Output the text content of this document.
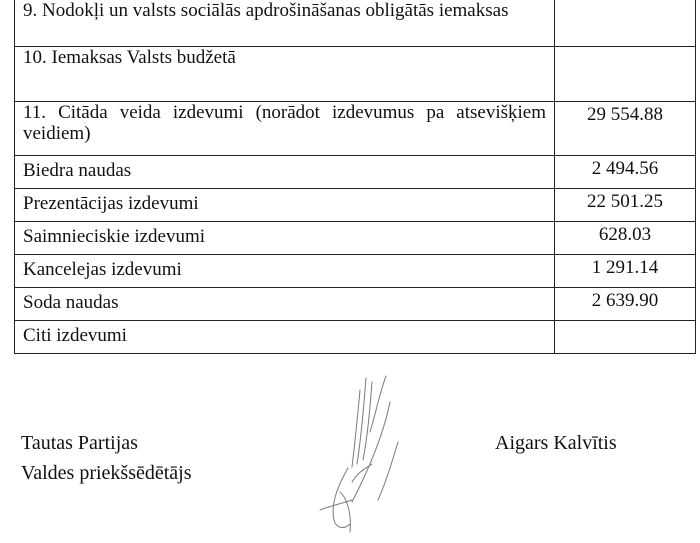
9. Nodokļi un valsts sociālās apdrošināšanas obligātās iemaksas	
10. Iemaksas Valsts budžetā	
11. Citāda veida izdevumi (norādot izdevumus pa atsevišķiem veidiem)	29 554.88
Biedra naudas	2 494.56
Prezentācijas izdevumi	22 501.25
Saimnieciskie izdevumi	628.03
Kancelejas izdevumi	1 291.14
Soda naudas	2 639.90
Citi izdevumi	
Tautas Partijas
Valdes priekšsēdētājs
Aigars Kalvītis
